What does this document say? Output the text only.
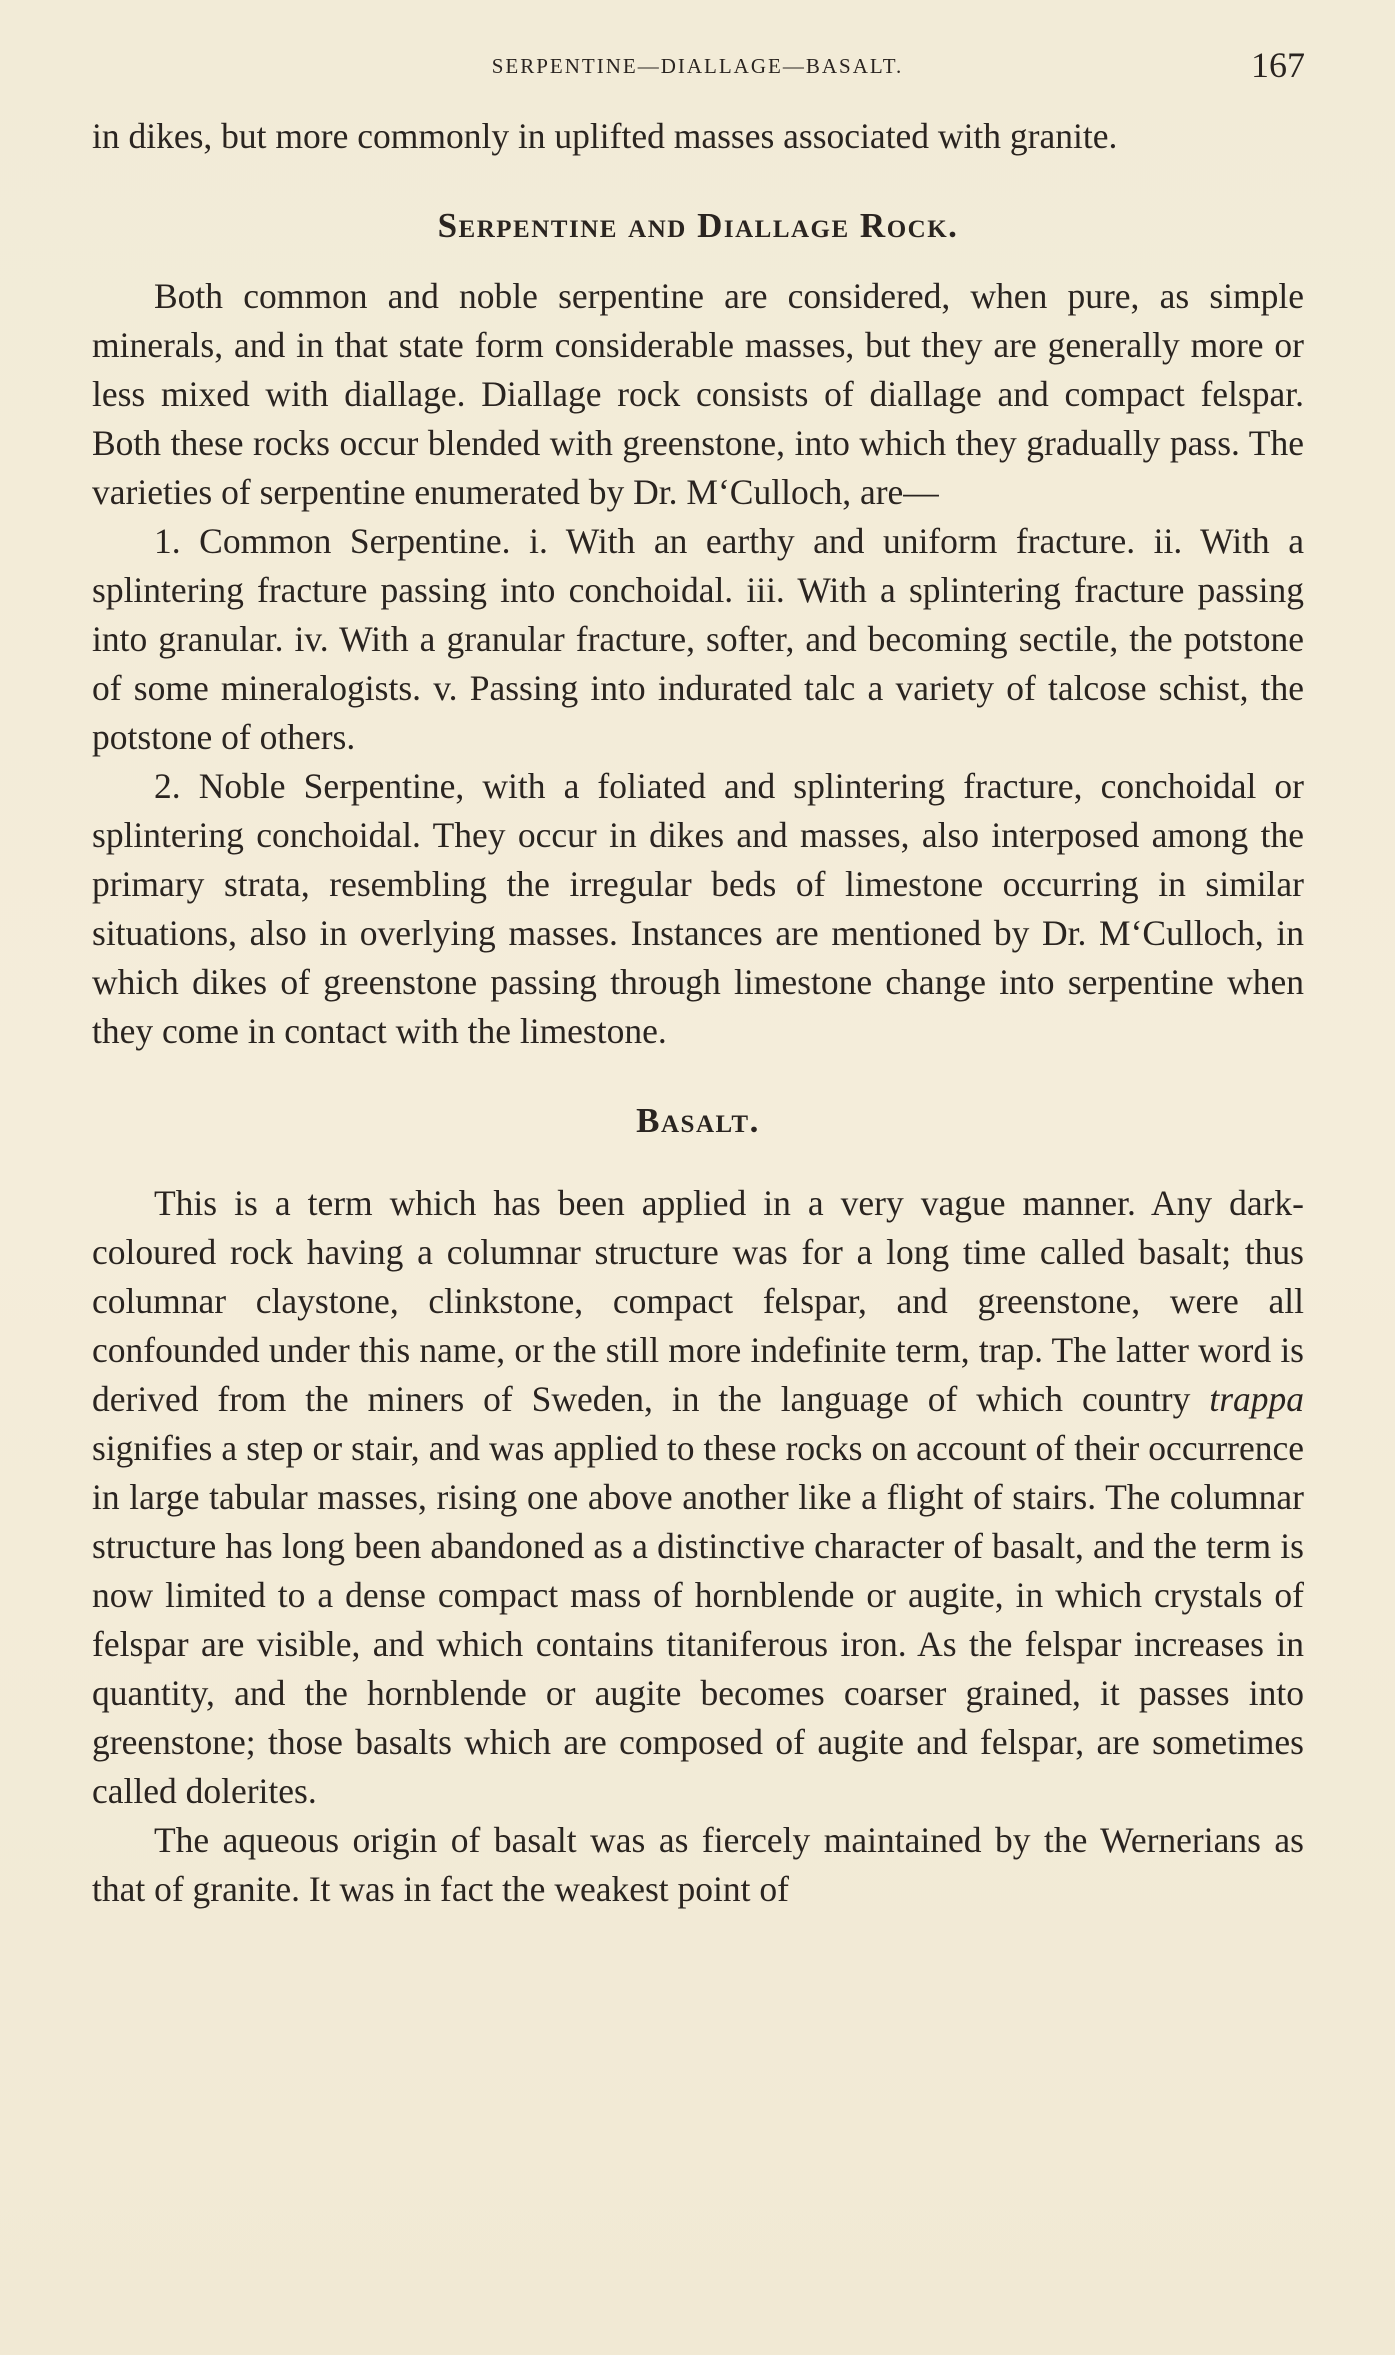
SERPENTINE—DIALLAGE—BASALT.	167

in dikes, but more commonly in uplifted masses associated with granite.

Serpentine and Diallage Rock.

Both common and noble serpentine are considered, when pure, as simple minerals, and in that state form considerable masses, but they are generally more or less mixed with diallage. Diallage rock consists of diallage and compact felspar. Both these rocks occur blended with greenstone, into which they gradually pass. The varieties of serpentine enumerated by Dr. M‘Culloch, are—

1. Common Serpentine. i. With an earthy and uniform fracture. ii. With a splintering fracture passing into conchoidal. iii. With a splintering fracture passing into granular. iv. With a granular fracture, softer, and becoming sectile, the potstone of some mineralogists. v. Passing into indurated talc a variety of talcose schist, the potstone of others.

2. Noble Serpentine, with a foliated and splintering fracture, conchoidal or splintering conchoidal. They occur in dikes and masses, also interposed among the primary strata, resembling the irregular beds of limestone occurring in similar situations, also in overlying masses. Instances are mentioned by Dr. M‘Culloch, in which dikes of greenstone passing through limestone change into serpentine when they come in contact with the limestone.

Basalt.

This is a term which has been applied in a very vague manner. Any dark-coloured rock having a columnar structure was for a long time called basalt; thus columnar claystone, clinkstone, compact felspar, and greenstone, were all confounded under this name, or the still more indefinite term, trap. The latter word is derived from the miners of Sweden, in the language of which country trappa signifies a step or stair, and was applied to these rocks on account of their occurrence in large tabular masses, rising one above another like a flight of stairs. The columnar structure has long been abandoned as a distinctive character of basalt, and the term is now limited to a dense compact mass of hornblende or augite, in which crystals of felspar are visible, and which contains titaniferous iron. As the felspar increases in quantity, and the hornblende or augite becomes coarser grained, it passes into greenstone; those basalts which are composed of augite and felspar, are sometimes called dolerites.

The aqueous origin of basalt was as fiercely maintained by the Wernerians as that of granite. It was in fact the weakest point of
